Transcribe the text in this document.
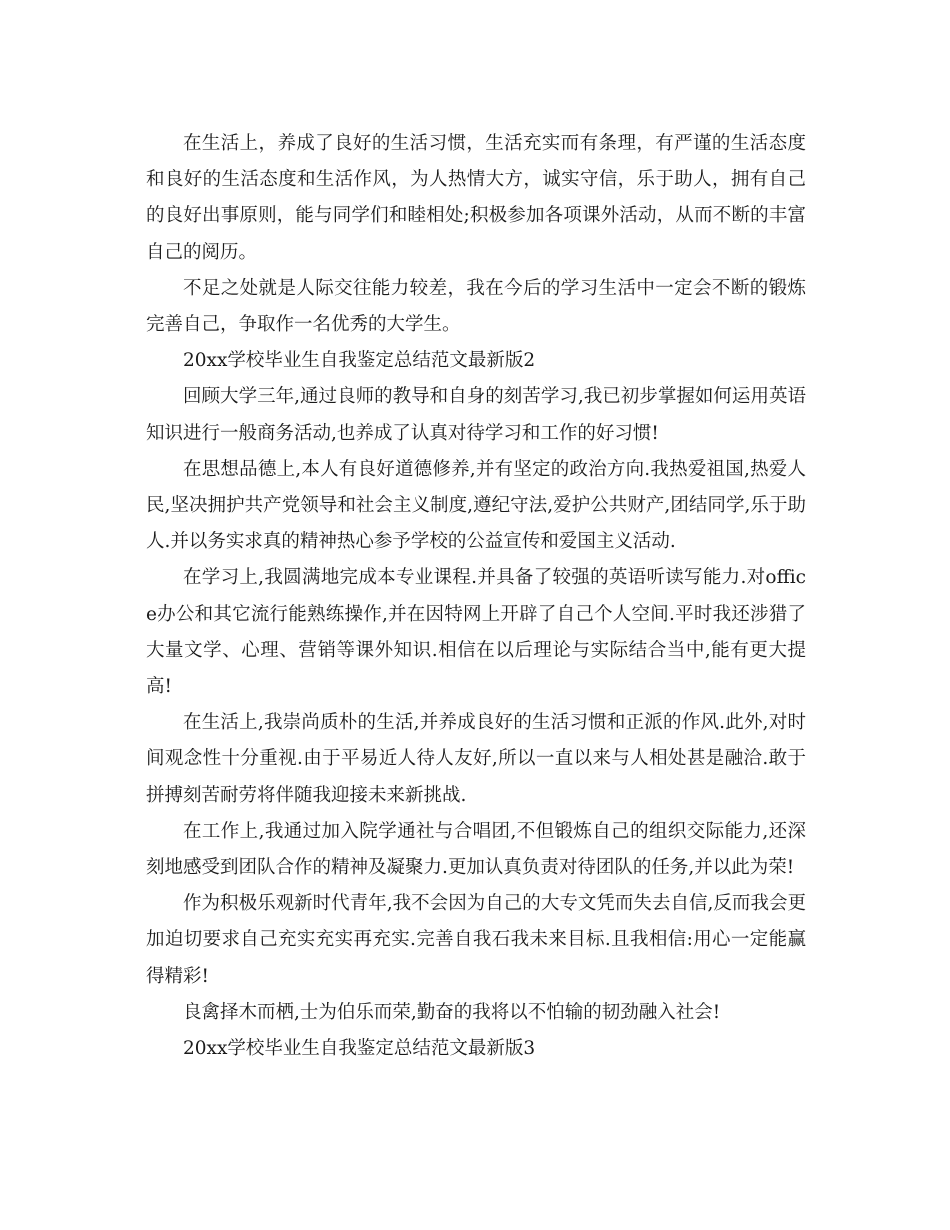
在生活上，养成了良好的生活习惯，生活充实而有条理，有严谨的生活态度和良好的生活态度和生活作风，为人热情大方，诚实守信，乐于助人，拥有自己的良好出事原则，能与同学们和睦相处;积极参加各项课外活动，从而不断的丰富自己的阅历。

不足之处就是人际交往能力较差，我在今后的学习生活中一定会不断的锻炼完善自己，争取作一名优秀的大学生。

20xx学校毕业生自我鉴定总结范文最新版2

回顾大学三年,通过良师的教导和自身的刻苦学习,我已初步掌握如何运用英语知识进行一般商务活动,也养成了认真对待学习和工作的好习惯!

在思想品德上,本人有良好道德修养,并有坚定的政治方向.我热爱祖国,热爱人民,坚决拥护共产党领导和社会主义制度,遵纪守法,爱护公共财产,团结同学,乐于助人.并以务实求真的精神热心参予学校的公益宣传和爱国主义活动.

在学习上,我圆满地完成本专业课程.并具备了较强的英语听读写能力.对office办公和其它流行能熟练操作,并在因特网上开辟了自己个人空间.平时我还涉猎了大量文学、心理、营销等课外知识.相信在以后理论与实际结合当中,能有更大提高!

在生活上,我崇尚质朴的生活,并养成良好的生活习惯和正派的作风.此外,对时间观念性十分重视.由于平易近人待人友好,所以一直以来与人相处甚是融洽.敢于拼搏刻苦耐劳将伴随我迎接未来新挑战.

在工作上,我通过加入院学通社与合唱团,不但锻炼自己的组织交际能力,还深刻地感受到团队合作的精神及凝聚力.更加认真负责对待团队的任务,并以此为荣!

作为积极乐观新时代青年,我不会因为自己的大专文凭而失去自信,反而我会更加迫切要求自己充实充实再充实.完善自我石我未来目标.且我相信:用心一定能赢得精彩!

良禽择木而栖,士为伯乐而荣,勤奋的我将以不怕输的韧劲融入社会!

20xx学校毕业生自我鉴定总结范文最新版3
